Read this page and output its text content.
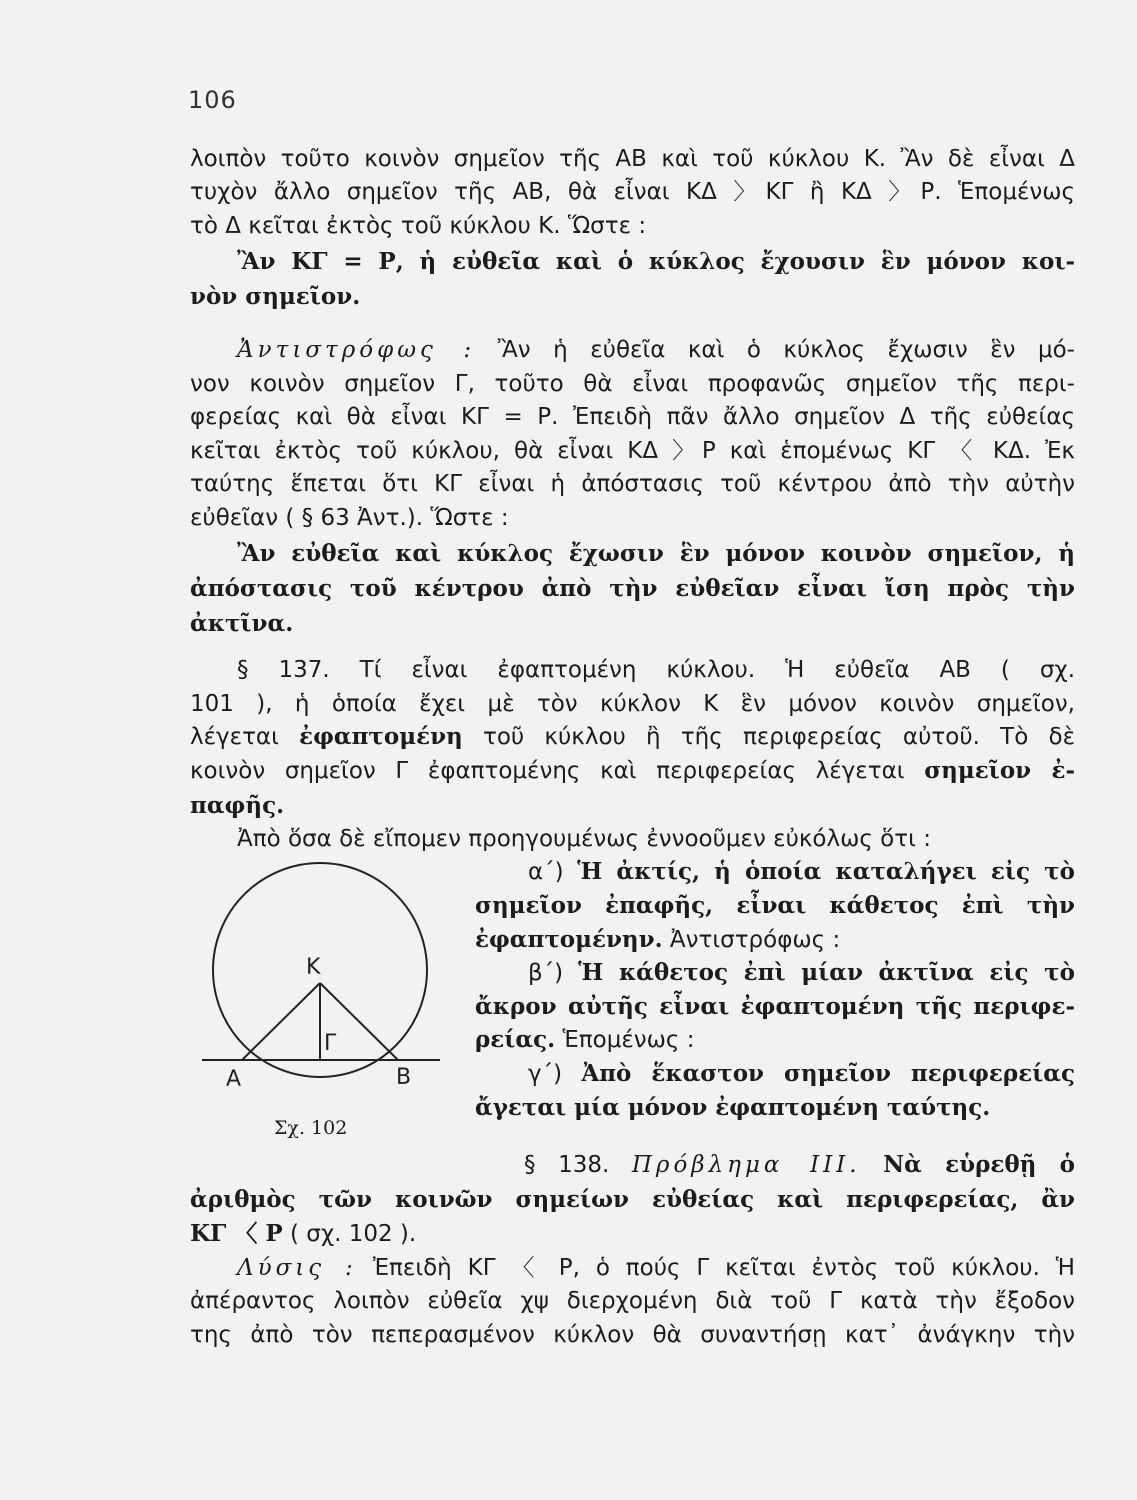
106
λοιπὸν τοῦτο κοινὸν σημεῖον τῆς ΑΒ καὶ τοῦ κύκλου Κ. Ἂν δὲ εἶναι Δ
τυχὸν ἄλλο σημεῖον τῆς ΑΒ, θὰ εἶναι ΚΔ 〉ΚΓ ἢ ΚΔ 〉Ρ. Ἑπομένως
τὸ Δ κεῖται ἐκτὸς τοῦ κύκλου Κ. Ὥστε :
Ἂν ΚΓ = Ρ, ἡ εὐθεῖα καὶ ὁ κύκλος ἔχουσιν ἓν μόνον κοι-
νὸν σημεῖον.
Ἀντιστρόφως : Ἂν ἡ εὐθεῖα καὶ ὁ κύκλος ἔχωσιν ἓν μό-
νον κοινὸν σημεῖον Γ, τοῦτο θὰ εἶναι προφανῶς σημεῖον τῆς περι-
φερείας καὶ θὰ εἶναι ΚΓ = Ρ. Ἐπειδὴ πᾶν ἄλλο σημεῖον Δ τῆς εὐθείας
κεῖται ἐκτὸς τοῦ κύκλου, θὰ εἶναι ΚΔ 〉Ρ καὶ ἑπομένως ΚΓ 〈 ΚΔ. Ἐκ
ταύτης ἕπεται ὅτι ΚΓ εἶναι ἡ ἀπόστασις τοῦ κέντρου ἀπὸ τὴν αὐτὴν
εὐθεῖαν ( § 63 Ἀντ.). Ὥστε :
Ἂν εὐθεῖα καὶ κύκλος ἔχωσιν ἓν μόνον κοινὸν σημεῖον, ἡ
ἀπόστασις τοῦ κέντρου ἀπὸ τὴν εὐθεῖαν εἶναι ἴση πρὸς τὴν
ἀκτῖνα.
§ 137. Τί εἶναι ἐφαπτομένη κύκλου. Ἡ εὐθεῖα ΑΒ ( σχ.
101 ), ἡ ὁποία ἔχει μὲ τὸν κύκλον Κ ἓν μόνον κοινὸν σημεῖον,
λέγεται ἐφαπτομένη τοῦ κύκλου ἢ τῆς περιφερείας αὐτοῦ. Τὸ δὲ
κοινὸν σημεῖον Γ ἐφαπτομένης καὶ περιφερείας λέγεται σημεῖον ἐ-
παφῆς.
Ἀπὸ ὅσα δὲ εἴπομεν προηγουμένως ἐννοοῦμεν εὐκόλως ὅτι :
α΄) Ἡ ἀκτίς, ἡ ὁποία καταλήγει εἰς τὸ
σημεῖον ἐπαφῆς, εἶναι κάθετος ἐπὶ τὴν
ἐφαπτομένην. Ἀντιστρόφως :
β΄) Ἡ κάθετος ἐπὶ μίαν ἀκτῖνα εἰς τὸ
ἄκρον αὐτῆς εἶναι ἐφαπτομένη τῆς περιφε-
ρείας. Ἑπομένως :
γ΄) Ἀπὸ ἕκαστον σημεῖον περιφερείας
ἄγεται μία μόνον ἐφαπτομένη ταύτης.
Κ
Α	Β
Γ
Σχ. 102
§ 138. Πρόβλημα III. Νὰ εὑρεθῇ ὁ
ἀριθμὸς τῶν κοινῶν σημείων εὐθείας καὶ περιφερείας, ἂν
ΚΓ 〈 Ρ ( σχ. 102 ).
Λύσις : Ἐπειδὴ ΚΓ 〈 Ρ, ὁ πούς Γ κεῖται ἐντὸς τοῦ κύκλου. Ἡ
ἀπέραντος λοιπὸν εὐθεῖα χψ διερχομένη διὰ τοῦ Γ κατὰ τὴν ἔξοδον
της ἀπὸ τὸν πεπερασμένον κύκλον θὰ συναντήσῃ κατ᾽ ἀνάγκην τὴν
